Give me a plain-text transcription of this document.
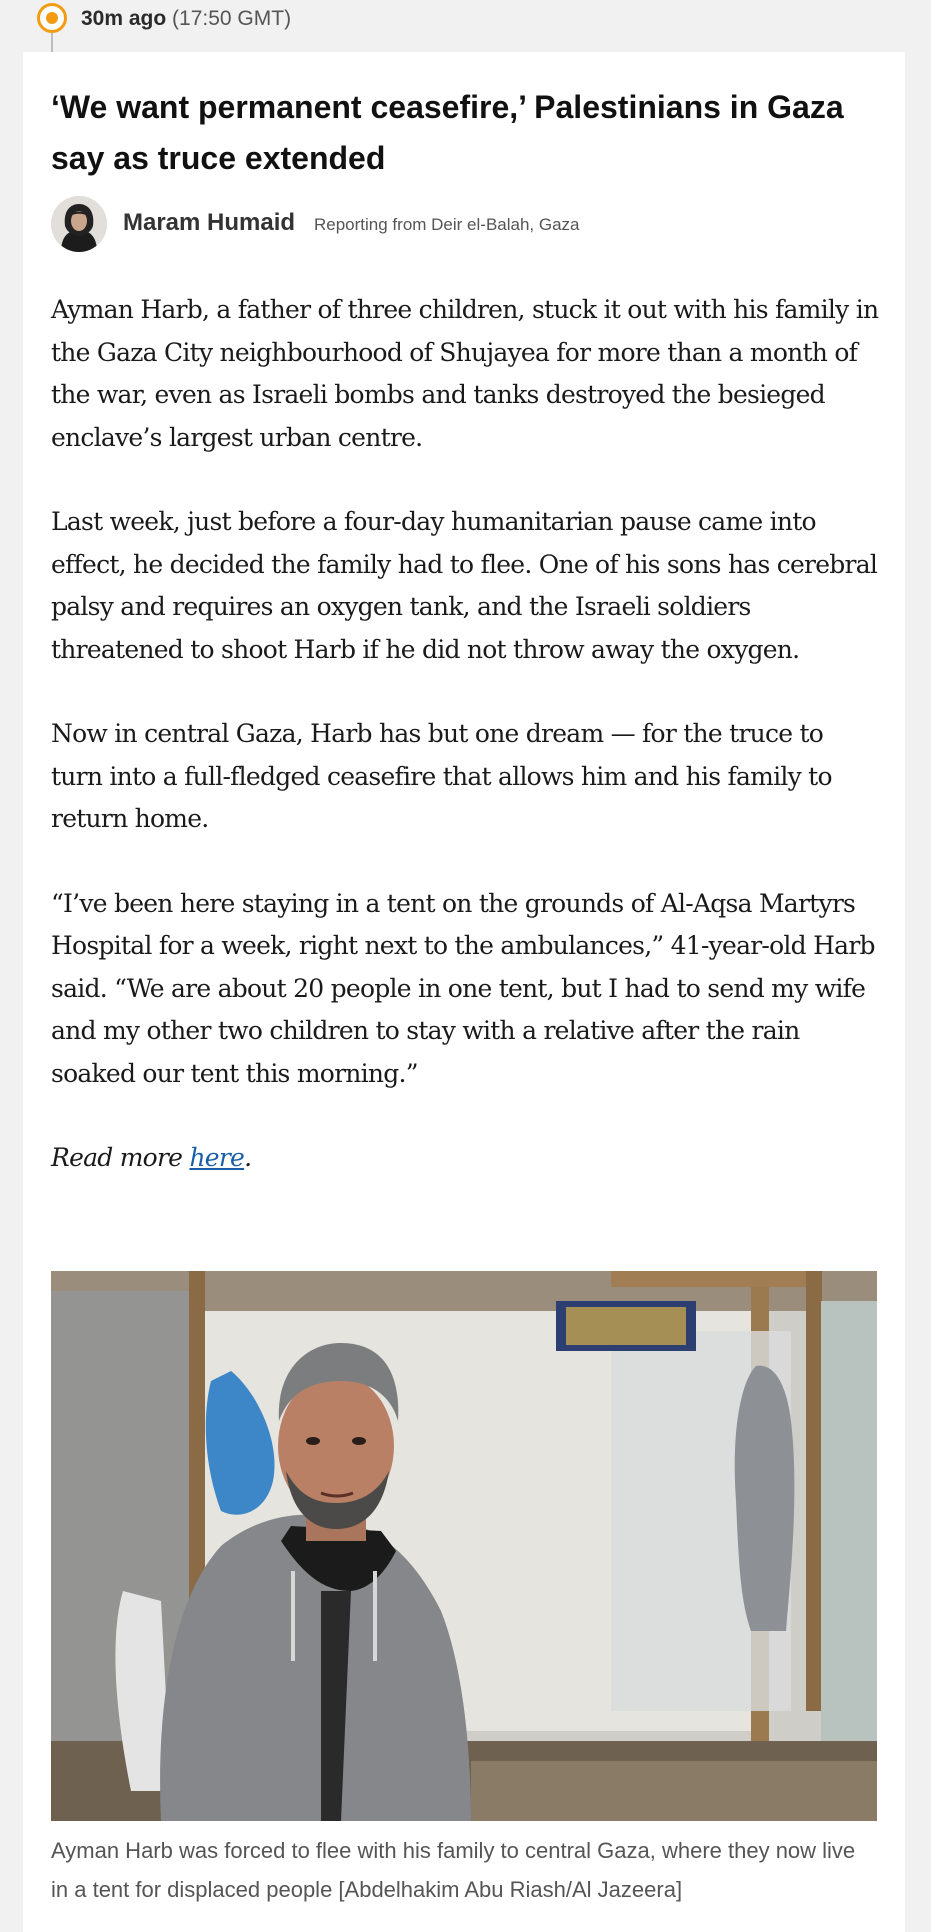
30m ago (17:50 GMT)
‘We want permanent ceasefire,’ Palestinians in Gaza say as truce extended
Maram Humaid Reporting from Deir el-Balah, Gaza

Ayman Harb, a father of three children, stuck it out with his family in the Gaza City neighbourhood of Shujayea for more than a month of the war, even as Israeli bombs and tanks destroyed the besieged enclave’s largest urban centre.

Last week, just before a four-day humanitarian pause came into effect, he decided the family had to flee. One of his sons has cerebral palsy and requires an oxygen tank, and the Israeli soldiers threatened to shoot Harb if he did not throw away the oxygen.

Now in central Gaza, Harb has but one dream — for the truce to turn into a full-fledged ceasefire that allows him and his family to return home.

“I’ve been here staying in a tent on the grounds of Al-Aqsa Martyrs Hospital for a week, right next to the ambulances,” 41-year-old Harb said. “We are about 20 people in one tent, but I had to send my wife and my other two children to stay with a relative after the rain soaked our tent this morning.”

Read more here.

Ayman Harb was forced to flee with his family to central Gaza, where they now live in a tent for displaced people [Abdelhakim Abu Riash/Al Jazeera]
